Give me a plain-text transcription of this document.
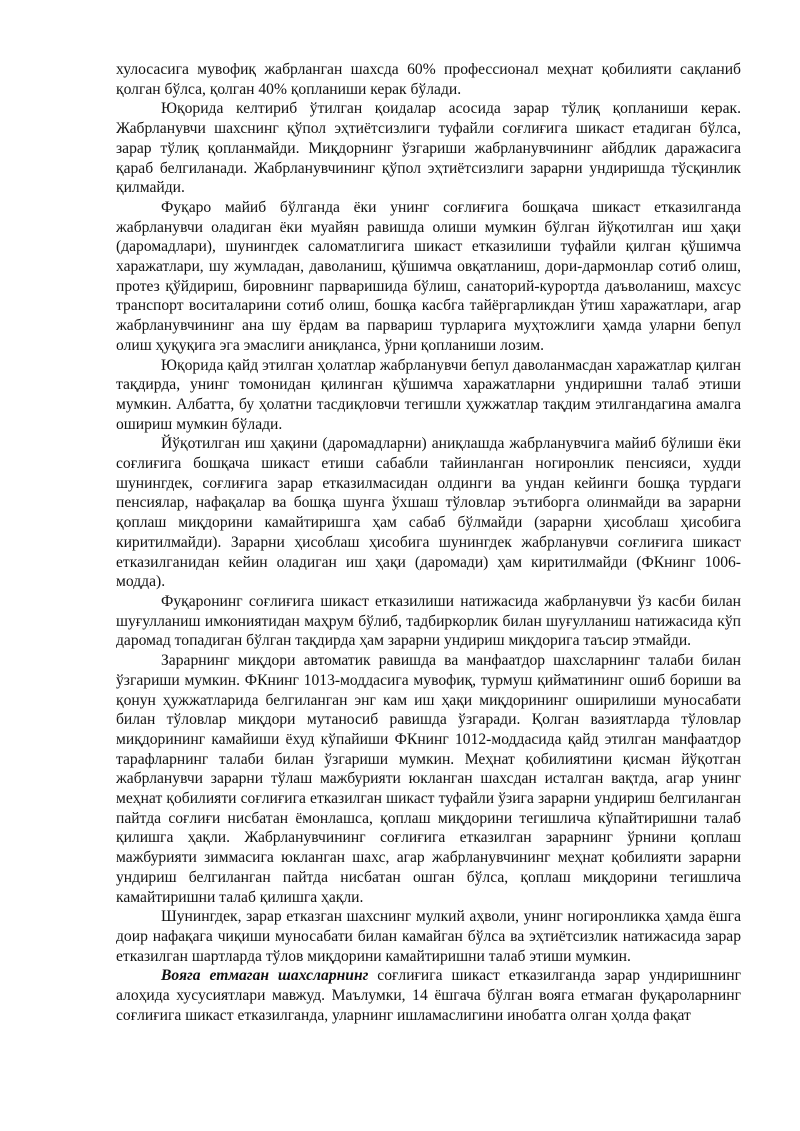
хулосасига мувофиқ жабрланган шахсда 60% профессионал меҳнат қобилияти сақланиб қолган бўлса, қолган 40% қопланиши керак бўлади.

Юқорида келтириб ўтилган қоидалар асосида зарар тўлиқ қопланиши керак. Жабрланувчи шахснинг қўпол эҳтиётсизлиги туфайли соғлиғига шикаст етадиган бўлса, зарар тўлиқ қопланмайди. Миқдорнинг ўзгариши жабрланувчининг айбдлик даражасига қараб белгиланади. Жабрланувчининг қўпол эҳтиётсизлиги зарарни ундиришда тўсқинлик қилмайди.

Фуқаро майиб бўлганда ёки унинг соғлиғига бошқача шикаст етказилганда жабрланувчи оладиган ёки муайян равишда олиши мумкин бўлган йўқотилган иш ҳақи (даромадлари), шунингдек саломатлигига шикаст етказилиши туфайли қилган қўшимча харажатлари, шу жумладан, даволаниш, қўшимча овқатланиш, дори-дармонлар сотиб олиш, протез қўйдириш, бировнинг парваришида бўлиш, санаторий-курортда даъволаниш, махсус транспорт воситаларини сотиб олиш, бошқа касбга тайёргарликдан ўтиш харажатлари, агар жабрланувчининг ана шу ёрдам ва парвариш турларига муҳтожлиги ҳамда уларни бепул олиш ҳуқуқига эга эмаслиги аниқланса, ўрни қопланиши лозим.

Юқорида қайд этилган ҳолатлар жабрланувчи бепул даволанмасдан харажатлар қилган тақдирда, унинг томонидан қилинган қўшимча харажатларни ундиришни талаб этиши мумкин. Албатта, бу ҳолатни тасдиқловчи тегишли ҳужжатлар тақдим этилгандагина амалга ошириш мумкин бўлади.

Йўқотилган иш ҳақини (даромадларни) аниқлашда жабрланувчига майиб бўлиши ёки соғлиғига бошқача шикаст етиши сабабли тайинланган ногиронлик пенсияси, худди шунингдек, соғлиғига зарар етказилмасидан олдинги ва ундан кейинги бошқа турдаги пенсиялар, нафақалар ва бошқа шунга ўхшаш тўловлар эътиборга олинмайди ва зарарни қоплаш миқдорини камайтиришга ҳам сабаб бўлмайди (зарарни ҳисоблаш ҳисобига киритилмайди). Зарарни ҳисоблаш ҳисобига шунингдек жабрланувчи соғлиғига шикаст етказилганидан кейин оладиган иш ҳақи (даромади) ҳам киритилмайди (ФКнинг 1006-модда).

Фуқаронинг соғлиғига шикаст етказилиши натижасида жабрланувчи ўз касби билан шуғулланиш имкониятидан маҳрум бўлиб, тадбиркорлик билан шуғулланиш натижасида кўп даромад топадиган бўлган тақдирда ҳам зарарни ундириш миқдорига таъсир этмайди.

Зарарнинг миқдори автоматик равишда ва манфаатдор шахсларнинг талаби билан ўзгариши мумкин. ФКнинг 1013-моддасига мувофиқ, турмуш қийматининг ошиб бориши ва қонун ҳужжатларида белгиланган энг кам иш ҳақи миқдорининг оширилиши муносабати билан тўловлар миқдори мутаносиб равишда ўзгаради. Қолган вазиятларда тўловлар миқдорининг камайиши ёхуд кўпайиши ФКнинг 1012-моддасида қайд этилган манфаатдор тарафларнинг талаби билан ўзгариши мумкин. Меҳнат қобилиятини қисман йўқотган жабрланувчи зарарни тўлаш мажбурияти юкланган шахсдан исталган вақтда, агар унинг меҳнат қобилияти соғлиғига етказилган шикаст туфайли ўзига зарарни ундириш белгиланган пайтда соғлиғи нисбатан ёмонлашса, қоплаш миқдорини тегишлича кўпайтиришни талаб қилишга ҳақли. Жабрланувчининг соғлиғига етказилган зарарнинг ўрнини қоплаш мажбурияти зиммасига юкланган шахс, агар жабрланувчининг меҳнат қобилияти зарарни ундириш белгиланган пайтда нисбатан ошган бўлса, қоплаш миқдорини тегишлича камайтиришни талаб қилишга ҳақли.

Шунингдек, зарар етказган шахснинг мулкий аҳволи, унинг ногиронликка ҳамда ёшга доир нафақага чиқиши муносабати билан камайган бўлса ва эҳтиётсизлик натижасида зарар етказилган шартларда тўлов миқдорини камайтиришни талаб этиши мумкин.

Вояга етмаган шахсларнинг соғлиғига шикаст етказилганда зарар ундиришнинг алоҳида хусусиятлари мавжуд. Маълумки, 14 ёшгача бўлган вояга етмаган фуқароларнинг соғлиғига шикаст етказилганда, уларнинг ишламаслигини инобатга олган ҳолда фақат
